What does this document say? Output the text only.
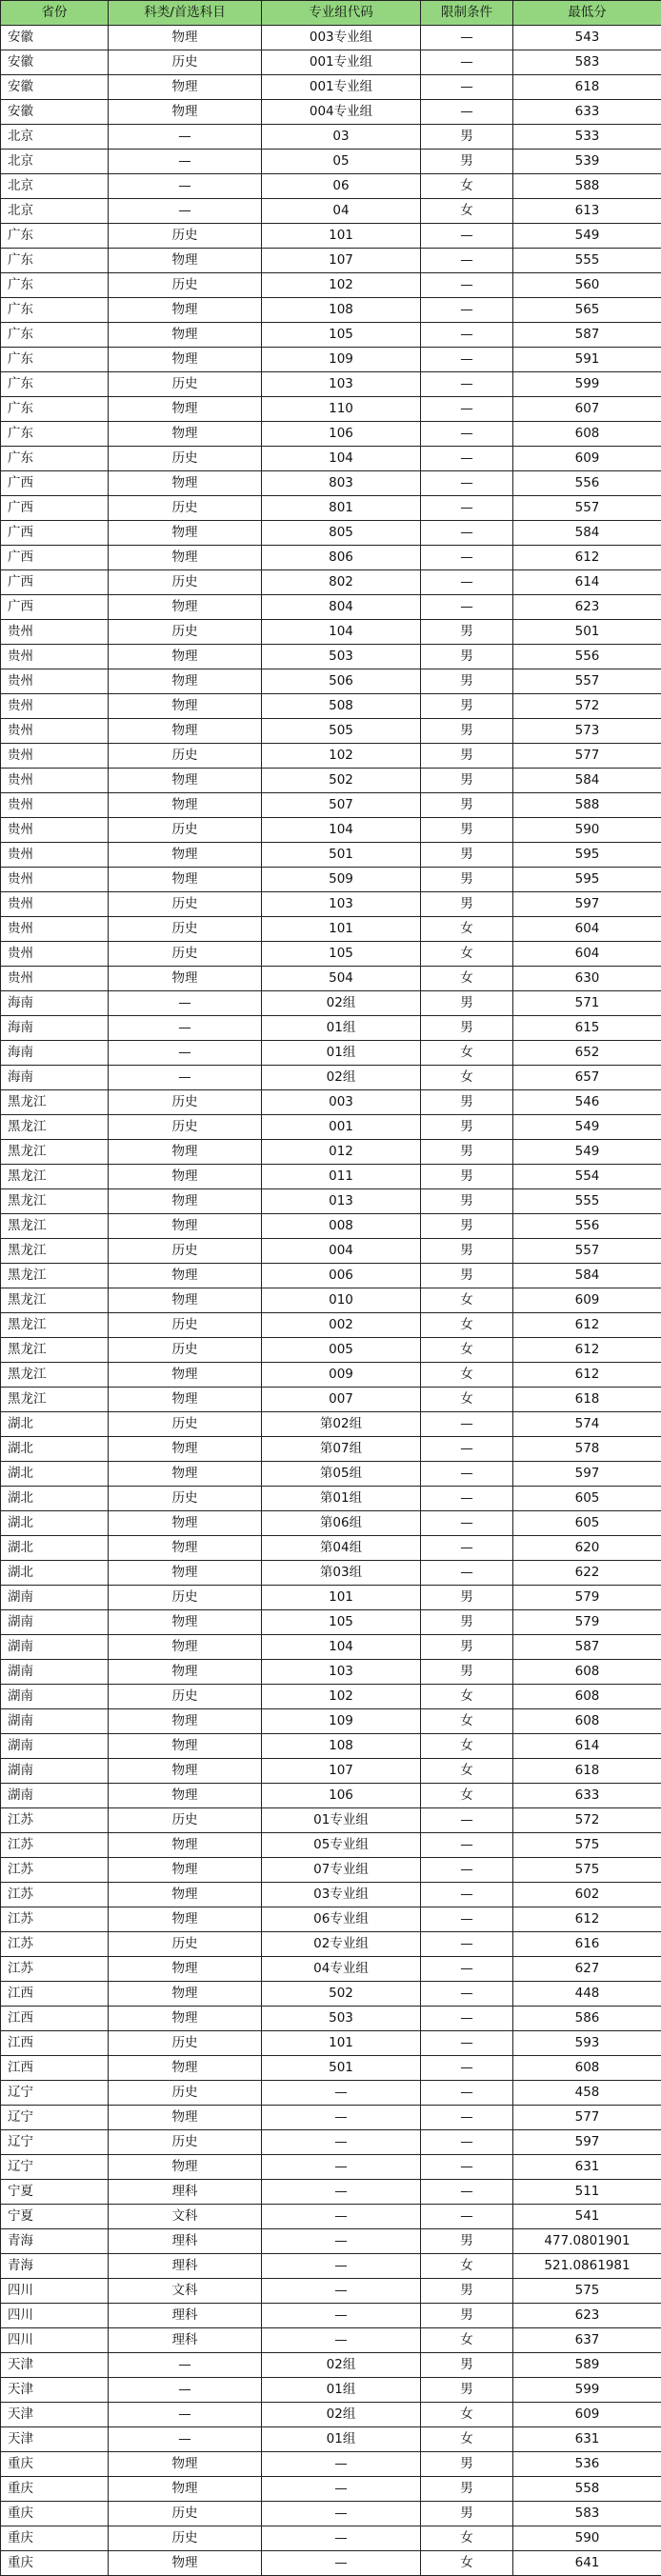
省份	科类/首选科目	专业组代码	限制条件	最低分
安徽	物理	003专业组	—	543
安徽	历史	001专业组	—	583
安徽	物理	001专业组	—	618
安徽	物理	004专业组	—	633
北京	—	03	男	533
北京	—	05	男	539
北京	—	06	女	588
北京	—	04	女	613
广东	历史	101	—	549
广东	物理	107	—	555
广东	历史	102	—	560
广东	物理	108	—	565
广东	物理	105	—	587
广东	物理	109	—	591
广东	历史	103	—	599
广东	物理	110	—	607
广东	物理	106	—	608
广东	历史	104	—	609
广西	物理	803	—	556
广西	历史	801	—	557
广西	物理	805	—	584
广西	物理	806	—	612
广西	历史	802	—	614
广西	物理	804	—	623
贵州	历史	104	男	501
贵州	物理	503	男	556
贵州	物理	506	男	557
贵州	物理	508	男	572
贵州	物理	505	男	573
贵州	历史	102	男	577
贵州	物理	502	男	584
贵州	物理	507	男	588
贵州	历史	104	男	590
贵州	物理	501	男	595
贵州	物理	509	男	595
贵州	历史	103	男	597
贵州	历史	101	女	604
贵州	历史	105	女	604
贵州	物理	504	女	630
海南	—	02组	男	571
海南	—	01组	男	615
海南	—	01组	女	652
海南	—	02组	女	657
黑龙江	历史	003	男	546
黑龙江	历史	001	男	549
黑龙江	物理	012	男	549
黑龙江	物理	011	男	554
黑龙江	物理	013	男	555
黑龙江	物理	008	男	556
黑龙江	历史	004	男	557
黑龙江	物理	006	男	584
黑龙江	物理	010	女	609
黑龙江	历史	002	女	612
黑龙江	历史	005	女	612
黑龙江	物理	009	女	612
黑龙江	物理	007	女	618
湖北	历史	第02组	—	574
湖北	物理	第07组	—	578
湖北	物理	第05组	—	597
湖北	历史	第01组	—	605
湖北	物理	第06组	—	605
湖北	物理	第04组	—	620
湖北	物理	第03组	—	622
湖南	历史	101	男	579
湖南	物理	105	男	579
湖南	物理	104	男	587
湖南	物理	103	男	608
湖南	历史	102	女	608
湖南	物理	109	女	608
湖南	物理	108	女	614
湖南	物理	107	女	618
湖南	物理	106	女	633
江苏	历史	01专业组	—	572
江苏	物理	05专业组	—	575
江苏	物理	07专业组	—	575
江苏	物理	03专业组	—	602
江苏	物理	06专业组	—	612
江苏	历史	02专业组	—	616
江苏	物理	04专业组	—	627
江西	物理	502	—	448
江西	物理	503	—	586
江西	历史	101	—	593
江西	物理	501	—	608
辽宁	历史	—	—	458
辽宁	物理	—	—	577
辽宁	历史	—	—	597
辽宁	物理	—	—	631
宁夏	理科	—	—	511
宁夏	文科	—	—	541
青海	理科	—	男	477.0801901
青海	理科	—	女	521.0861981
四川	文科	—	男	575
四川	理科	—	男	623
四川	理科	—	女	637
天津	—	02组	男	589
天津	—	01组	男	599
天津	—	02组	女	609
天津	—	01组	女	631
重庆	物理	—	男	536
重庆	物理	—	男	558
重庆	历史	—	男	583
重庆	历史	—	女	590
重庆	物理	—	女	641
